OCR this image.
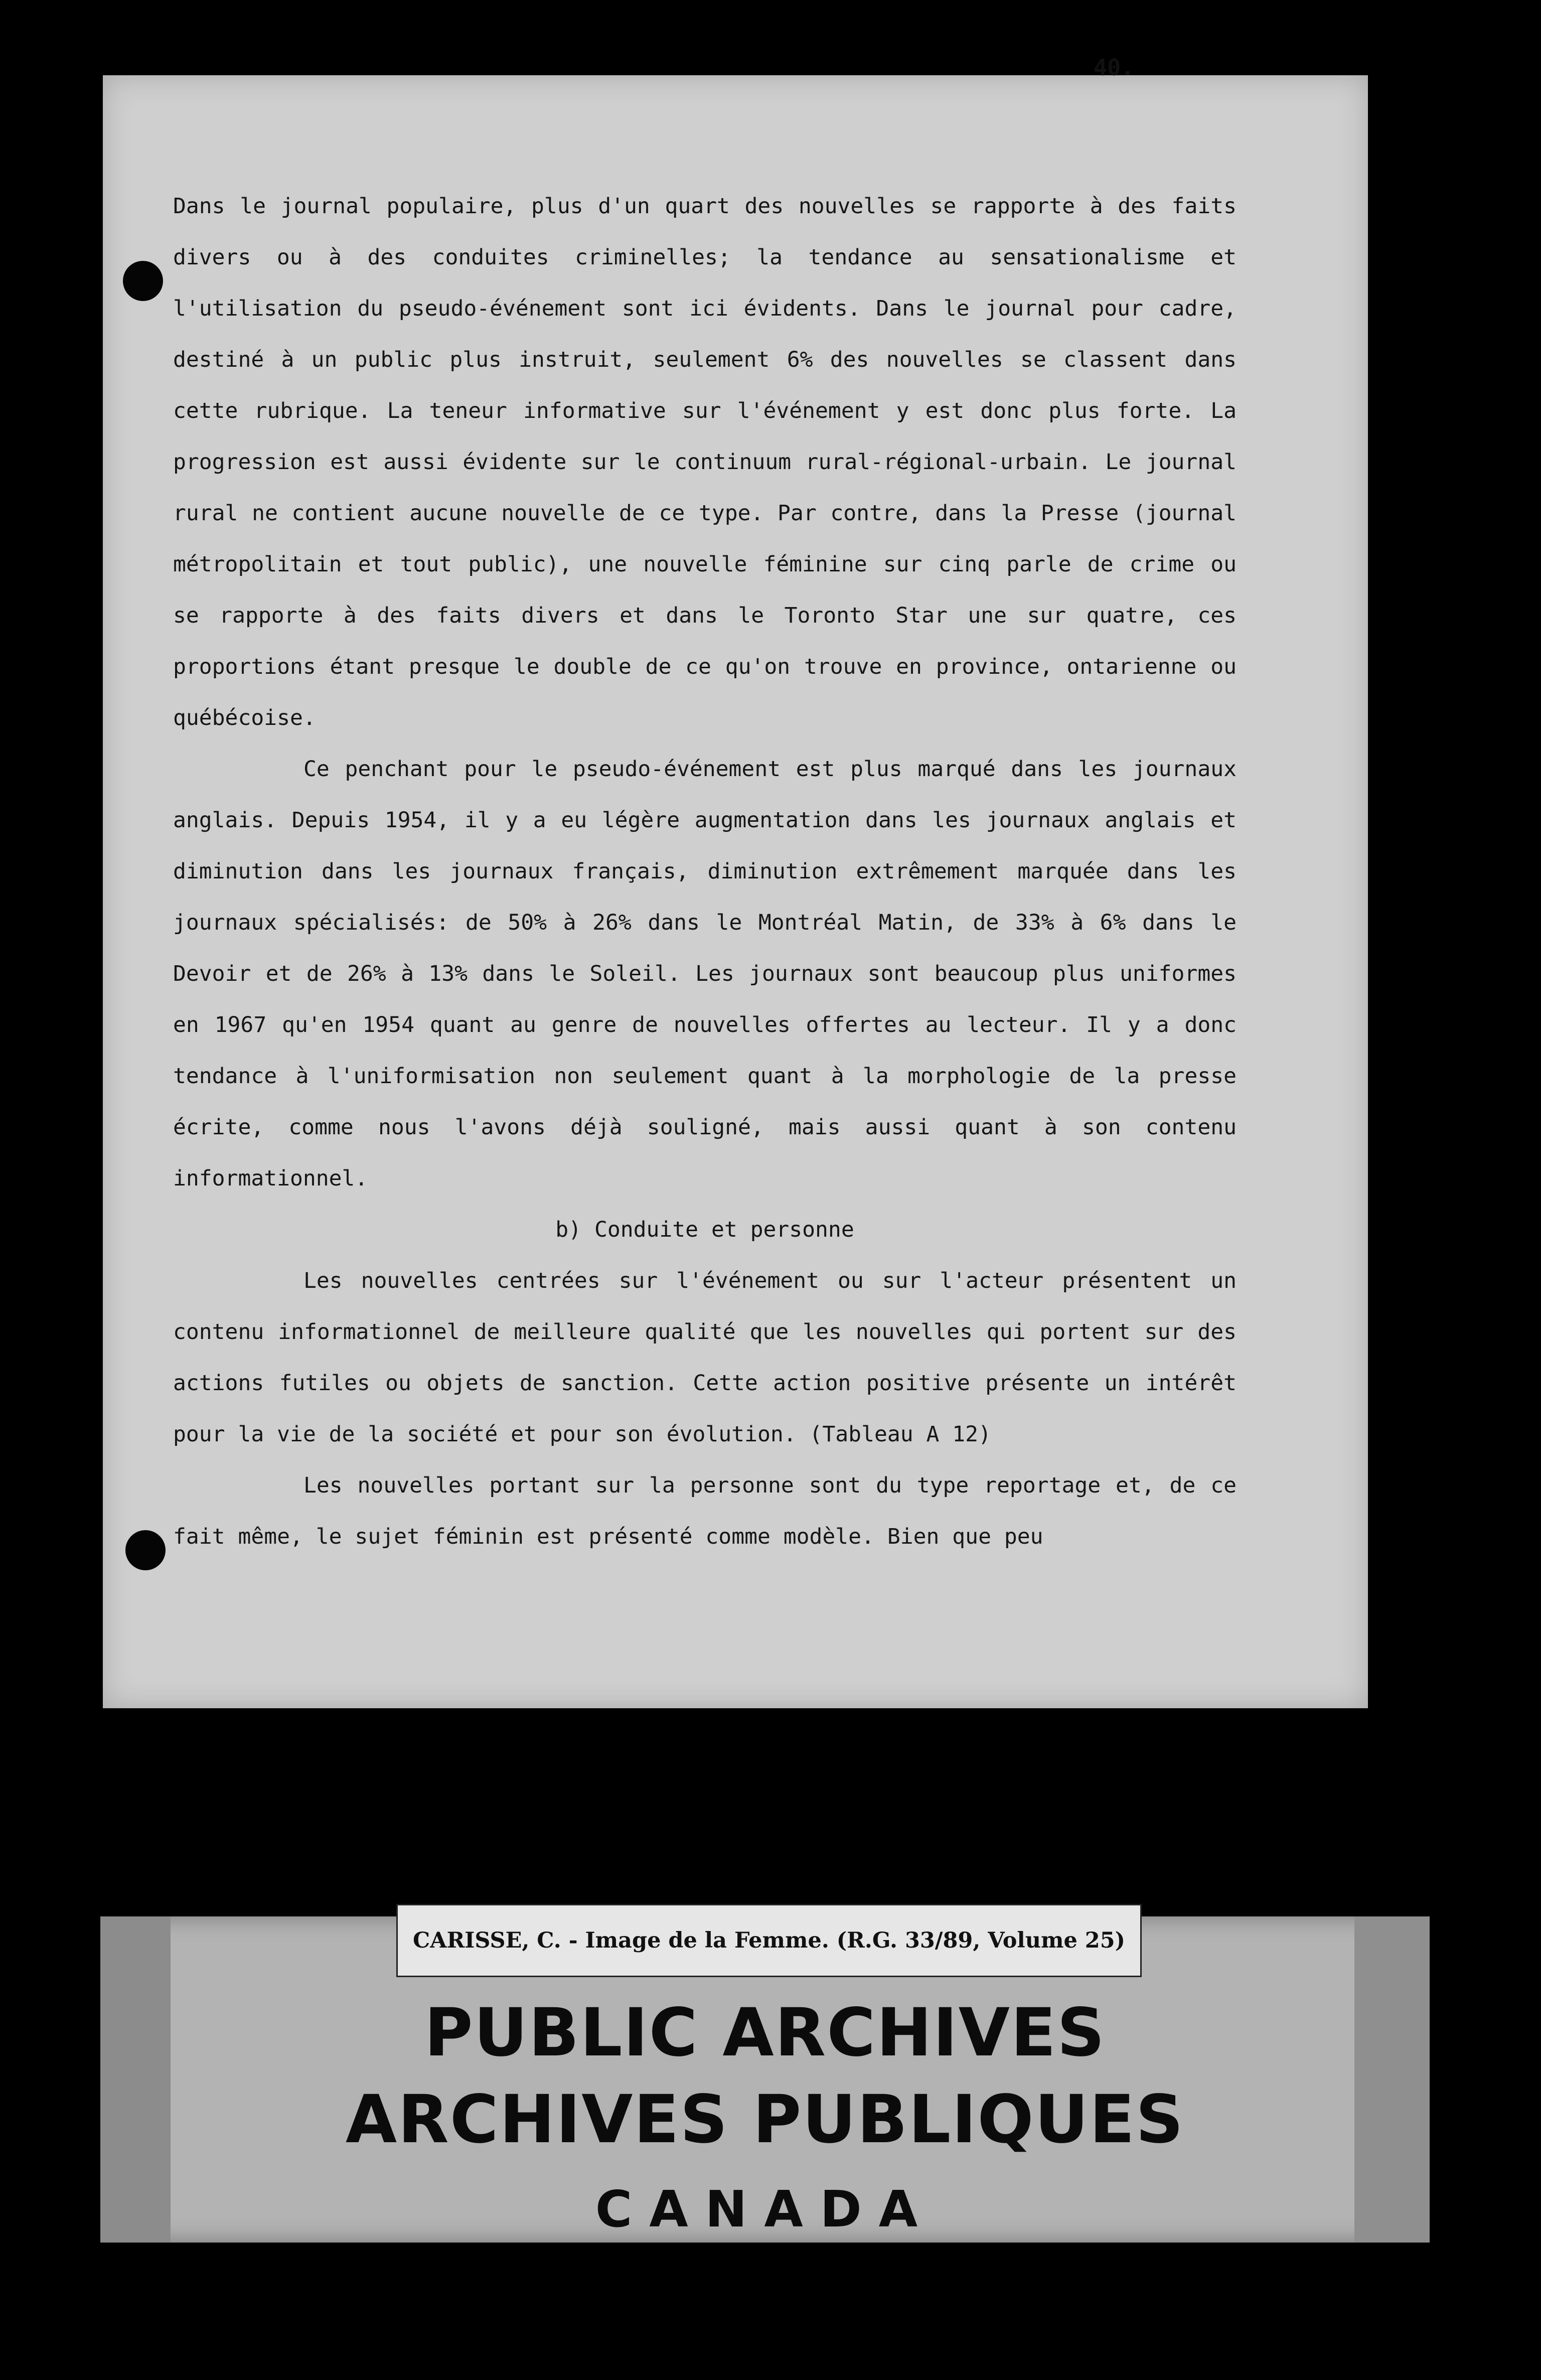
40.

Dans le journal populaire, plus d'un quart des nouvelles se rapporte à des faits divers ou à des conduites criminelles; la tendance au sensationalisme et l'utilisation du pseudo-événement sont ici évidents. Dans le journal pour cadre, destiné à un public plus instruit, seulement 6% des nouvelles se classent dans cette rubrique. La teneur informative sur l'événement y est donc plus forte. La progression est aussi évidente sur le continuum rural-régional-urbain. Le journal rural ne contient aucune nouvelle de ce type. Par contre, dans la Presse (journal métropolitain et tout public), une nouvelle féminine sur cinq parle de crime ou se rapporte à des faits divers et dans le Toronto Star une sur quatre, ces proportions étant presque le double de ce qu'on trouve en province, ontarienne ou québécoise.

Ce penchant pour le pseudo-événement est plus marqué dans les journaux anglais. Depuis 1954, il y a eu légère augmentation dans les journaux anglais et diminution dans les journaux français, diminution extrêmement marquée dans les journaux spécialisés: de 50% à 26% dans le Montréal Matin, de 33% à 6% dans le Devoir et de 26% à 13% dans le Soleil. Les journaux sont beaucoup plus uniformes en 1967 qu'en 1954 quant au genre de nouvelles offertes au lecteur. Il y a donc tendance à l'uniformisation non seulement quant à la morphologie de la presse écrite, comme nous l'avons déjà souligné, mais aussi quant à son contenu informationnel.

b) Conduite et personne

Les nouvelles centrées sur l'événement ou sur l'acteur présentent un contenu informationnel de meilleure qualité que les nouvelles qui portent sur des actions futiles ou objets de sanction. Cette action positive présente un intérêt pour la vie de la société et pour son évolution. (Tableau A 12)

Les nouvelles portant sur la personne sont du type reportage et, de ce fait même, le sujet féminin est présenté comme modèle. Bien que peu

CARISSE, C. - Image de la Femme. (R.G. 33/89, Volume 25)
PUBLIC ARCHIVES
ARCHIVES PUBLIQUES
CANADA
